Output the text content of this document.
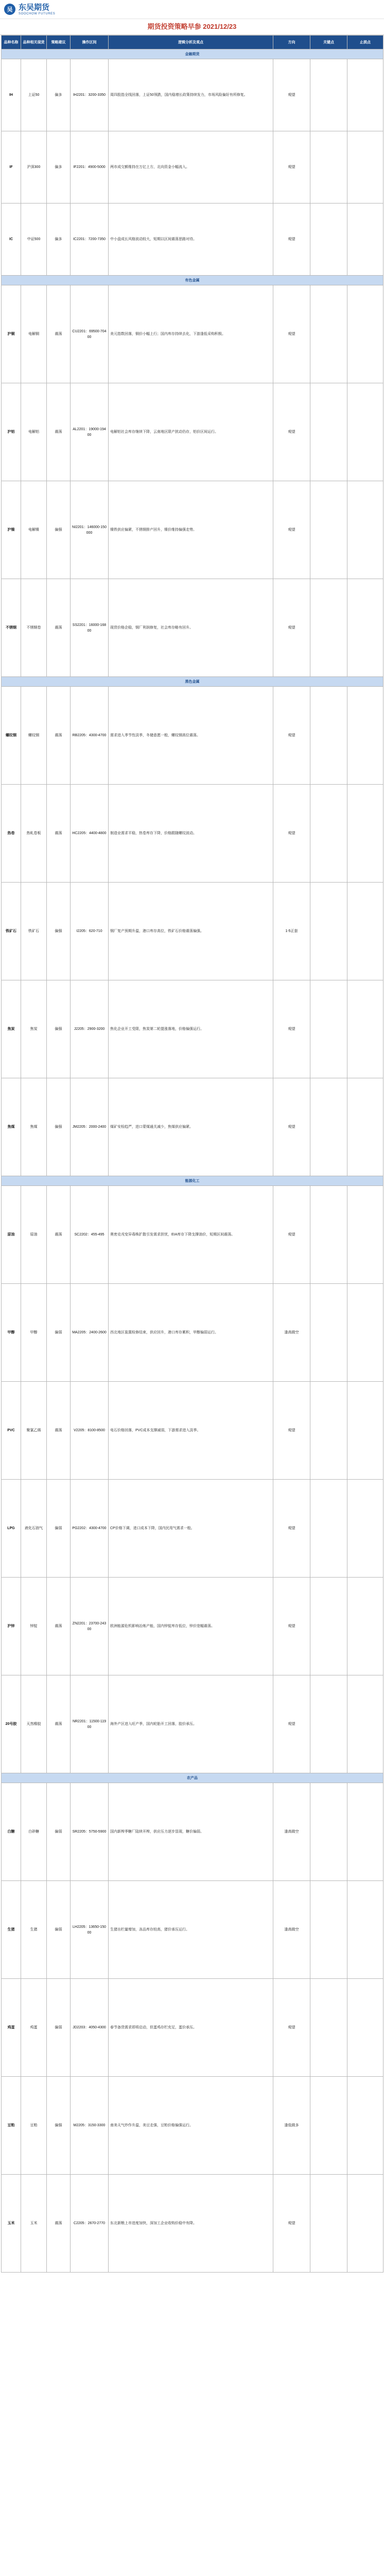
吴 东吴期货
SOOCHOW FUTURES
期货投资策略早参 2021/12/23
品种名称	品种相关现货	策略建议	操作区间	逻辑分析及观点	方向	关键点	止损点
金融期货							
IH	上证50	偏多	IH2201：3200-3350	周四股指全线回落，上证50领跌，国内稳增长政策持续发力，市场风险偏好有所修复。	观望		
IF	沪深300	偏多	IF2201：4900-5000	两市成交额维持在万亿上方，北向资金小幅流入。	观望		
IC	中证500	偏多	IC2201：7200-7350	中小盘成长风格波动较大，短期以区间震荡思路对待。	观望		
有色金属							
沪铜	电解铜	震荡	CU2201：69500-70400	美元指数回落，铜价小幅上行；国内库存持续去化，下游逢低采购积极。	观望		
沪铝	电解铝	震荡	AL2201：19000-19400	电解铝社会库存继续下降，云南地区限产扰动仍存，铝价区间运行。	观望		
沪镍	电解镍	偏强	NI2201：146000-150000	镍铁供应偏紧，不锈钢排产回升，镍价维持偏强走势。	观望		
不锈钢	不锈钢卷	震荡	SS2201：16000-16800	现货价格企稳，钢厂利润修复，社会库存略有回升。	观望		
黑色金属							
螺纹钢	螺纹钢	震荡	RB2205：4300-4700	需求进入季节性淡季，冬储意愿一般，螺纹钢高位震荡。	观望		
热卷	热轧卷板	震荡	HC2205：4400-4800	制造业需求平稳，热卷库存下降，价格跟随螺纹波动。	观望		
铁矿石	铁矿石	偏强	I2205：620-710	钢厂复产预期升温，港口库存高位，铁矿石价格震荡偏强。	1-5正套		
焦炭	焦炭	偏强	J2205：2900-3200	焦化企业开工受限，焦炭第二轮提涨落地，价格偏强运行。	观望		
焦煤	焦煤	偏强	JM2205：2000-2400	煤矿安检趋严，进口蒙煤通关减少，焦煤供应偏紧。	观望		
能源化工							
原油	原油	震荡	SC2202：455-495	奥密克戎变异毒株扩散引发需求担忧，EIA库存下降支撑油价，短期区间震荡。	观望		
甲醇	甲醇	偏弱	MA2205：2400-2600	西北地区装置检修结束，供应回升，港口库存累积，甲醇偏弱运行。	逢高做空		
PVC	聚氯乙烯	震荡	V2205：8100-8500	电石价格回落，PVC成本支撑减弱，下游需求进入淡季。	观望		
LPG	液化石油气	偏弱	PG2202：4300-4700	CP价格下调，进口成本下降，国内民用气需求一般。	观望		
沪锌	锌锭	震荡	ZN2201：23700-24300	欧洲能源危机影响冶炼产能，国内锌锭库存低位，锌价宽幅震荡。	观望		
20号胶	天然橡胶	震荡	NR2201：11500-11900	海外产区进入旺产季，国内轮胎开工回落，胶价承压。	观望		
农产品							
白糖	白砂糖	偏弱	SR2205：5750-5900	国内新榨季糖厂陆续开榨，供应压力逐步显现，糖价偏弱。	逢高做空		
生猪	生猪	偏弱	LH2205：13650-15000	生猪出栏量增加，冻品库存较高，猪价承压运行。	逢高做空		
鸡蛋	鸡蛋	偏弱	JD2203：4050-4300	春节备货需求即将启动，但蛋鸡存栏充足，蛋价承压。	观望		
豆粕	豆粕	偏强	M2205：3150-3300	南美天气炒作升温，美豆走强，豆粕价格偏强运行。	逢低做多		
玉米	玉米	震荡	C2205：2670-2770	东北新粮上市进度加快，深加工企业收购价稳中有降。	观望		
